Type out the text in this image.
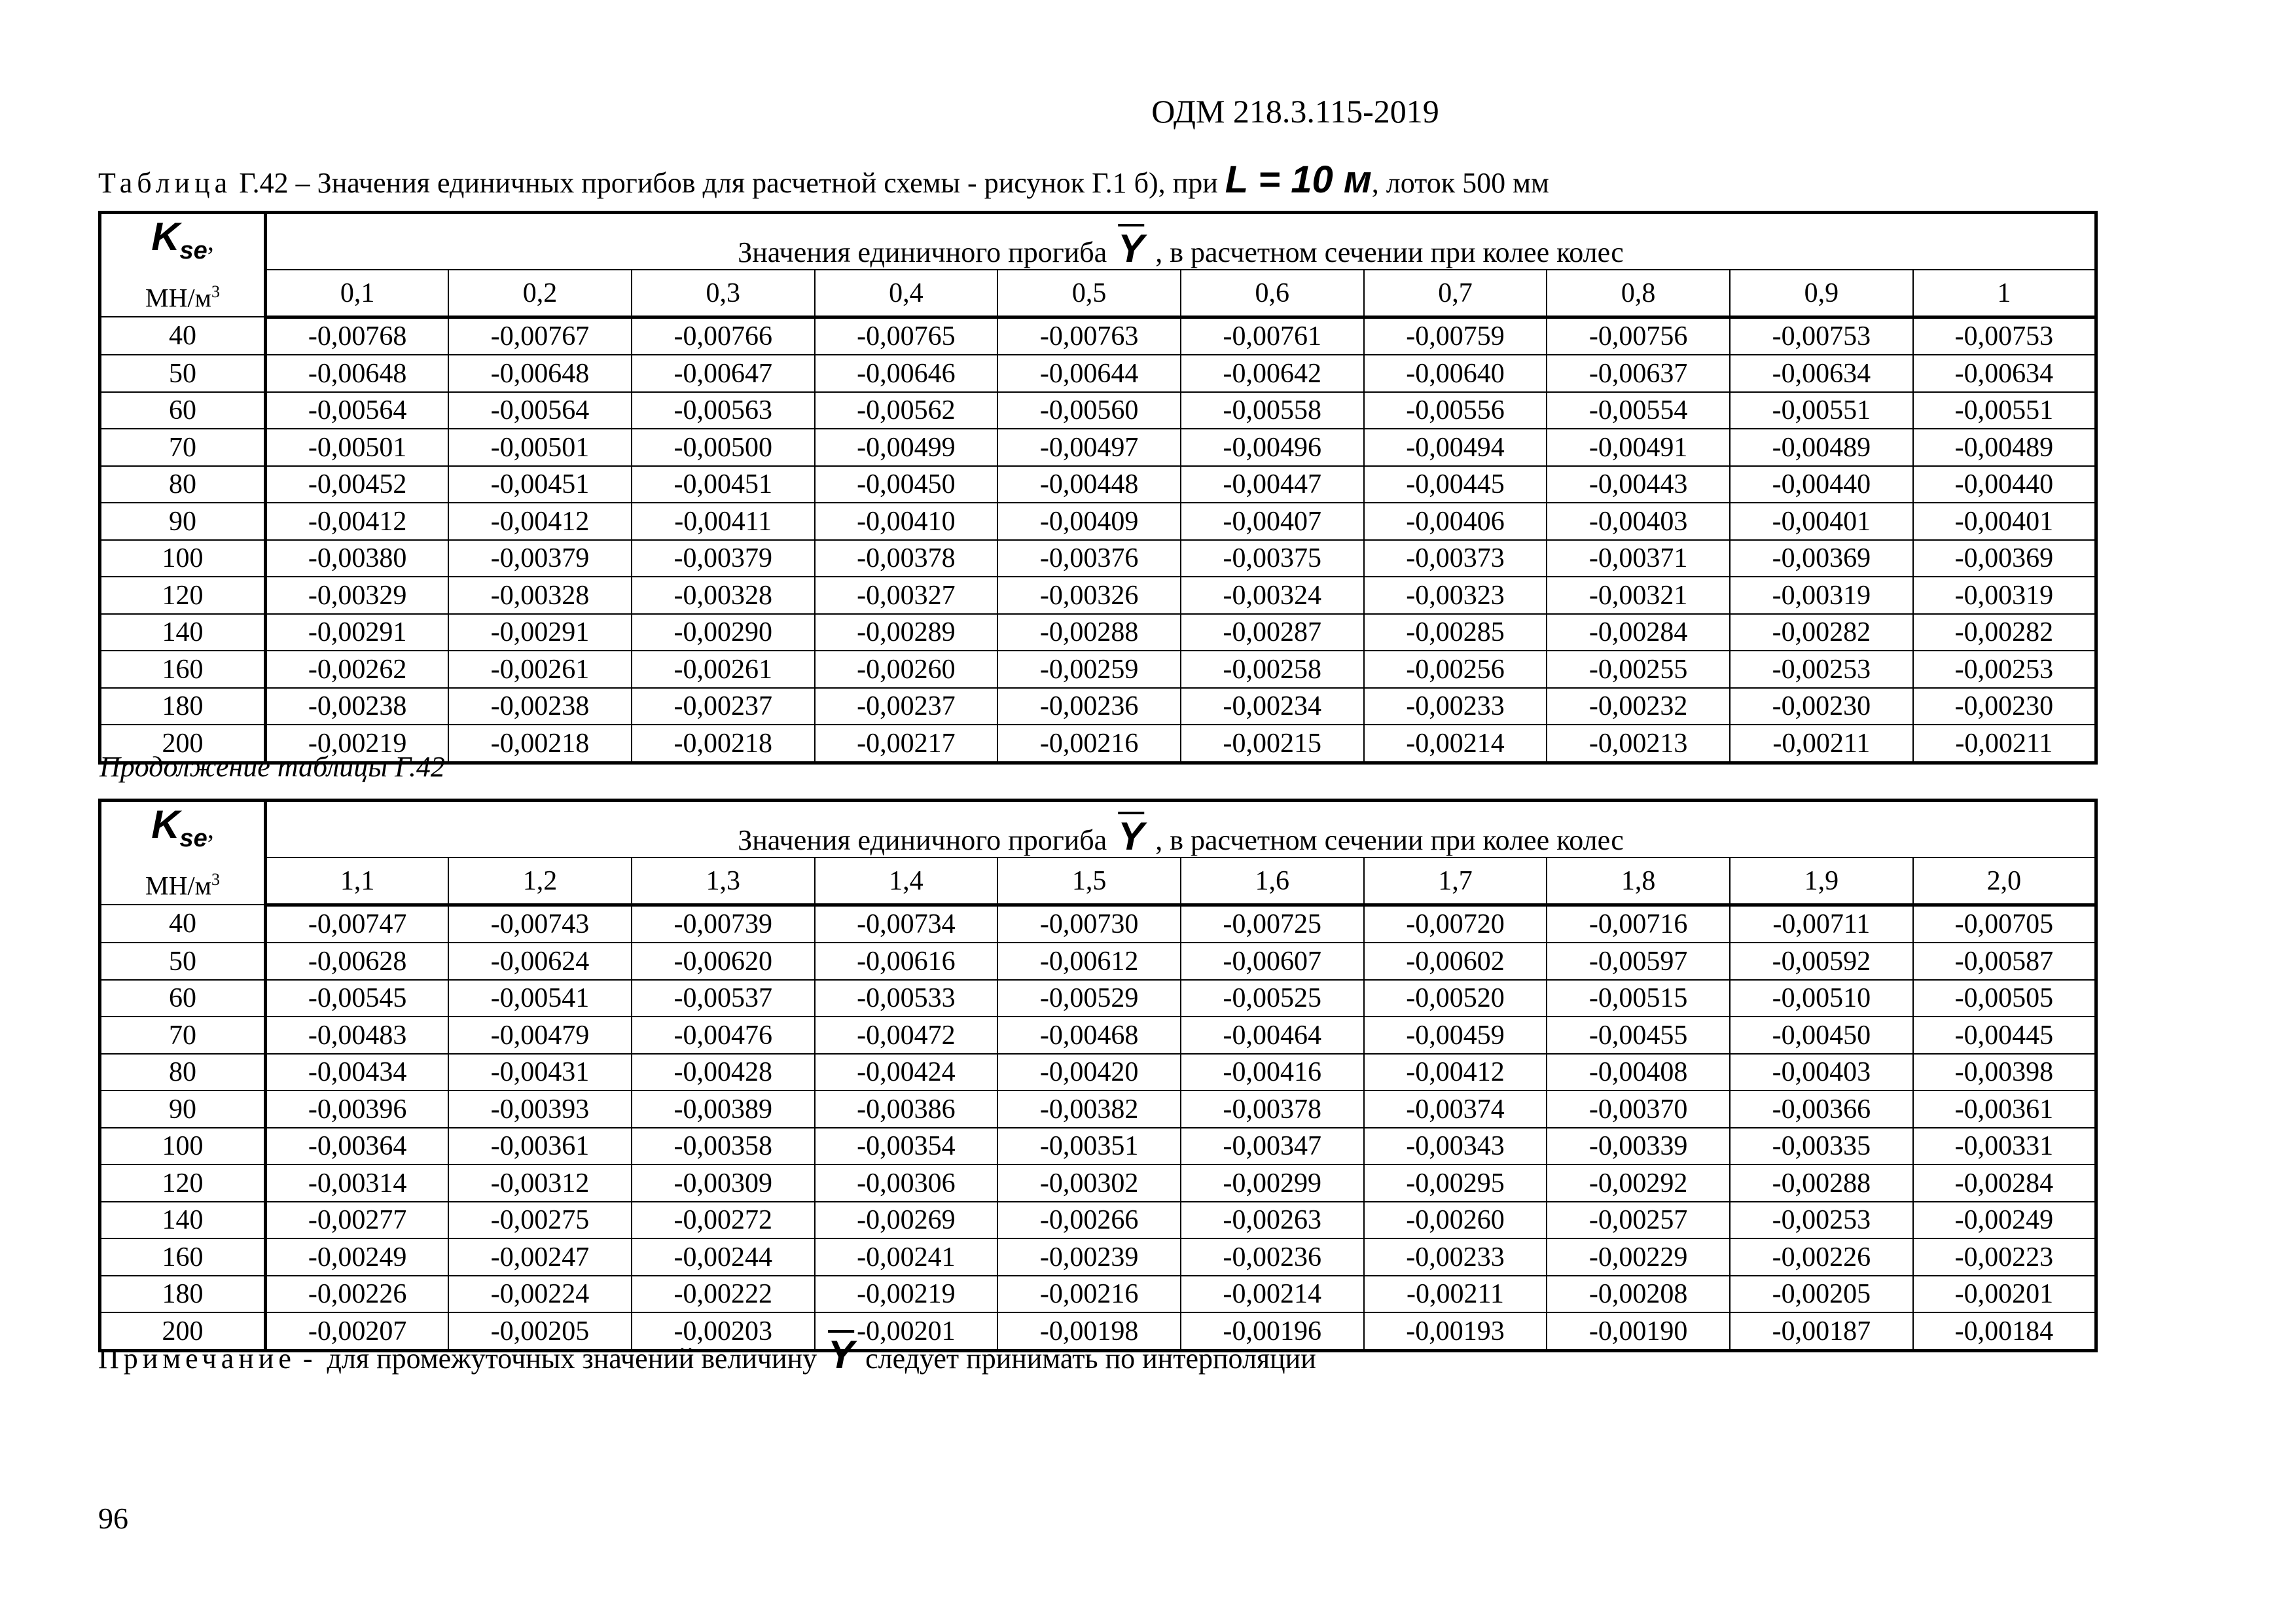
ОДМ 218.3.115-2019
Таблица Г.42 – Значения единичных прогибов для расчетной схемы - рисунок Г.1 б), при L = 10 м, лоток 500 мм
$K_{se}$,
$МН/м^3$	Значения единичного прогиба $\overline{Y}$ , в расчетном сечении при колее колес									
	0,1	0,2	0,3	0,4	0,5	0,6	0,7	0,8	0,9	1
40	-0,00768	-0,00767	-0,00766	-0,00765	-0,00763	-0,00761	-0,00759	-0,00756	-0,00753	-0,00753
50	-0,00648	-0,00648	-0,00647	-0,00646	-0,00644	-0,00642	-0,00640	-0,00637	-0,00634	-0,00634
60	-0,00564	-0,00564	-0,00563	-0,00562	-0,00560	-0,00558	-0,00556	-0,00554	-0,00551	-0,00551
70	-0,00501	-0,00501	-0,00500	-0,00499	-0,00497	-0,00496	-0,00494	-0,00491	-0,00489	-0,00489
80	-0,00452	-0,00451	-0,00451	-0,00450	-0,00448	-0,00447	-0,00445	-0,00443	-0,00440	-0,00440
90	-0,00412	-0,00412	-0,00411	-0,00410	-0,00409	-0,00407	-0,00406	-0,00403	-0,00401	-0,00401
100	-0,00380	-0,00379	-0,00379	-0,00378	-0,00376	-0,00375	-0,00373	-0,00371	-0,00369	-0,00369
120	-0,00329	-0,00328	-0,00328	-0,00327	-0,00326	-0,00324	-0,00323	-0,00321	-0,00319	-0,00319
140	-0,00291	-0,00291	-0,00290	-0,00289	-0,00288	-0,00287	-0,00285	-0,00284	-0,00282	-0,00282
160	-0,00262	-0,00261	-0,00261	-0,00260	-0,00259	-0,00258	-0,00256	-0,00255	-0,00253	-0,00253
180	-0,00238	-0,00238	-0,00237	-0,00237	-0,00236	-0,00234	-0,00233	-0,00232	-0,00230	-0,00230
200	-0,00219	-0,00218	-0,00218	-0,00217	-0,00216	-0,00215	-0,00214	-0,00213	-0,00211	-0,00211
Продолжение таблицы Г.42
$K_{se}$,
$МН/м^3$	Значения единичного прогиба $\overline{Y}$ , в расчетном сечении при колее колес									
	1,1	1,2	1,3	1,4	1,5	1,6	1,7	1,8	1,9	2,0
40	-0,00747	-0,00743	-0,00739	-0,00734	-0,00730	-0,00725	-0,00720	-0,00716	-0,00711	-0,00705
50	-0,00628	-0,00624	-0,00620	-0,00616	-0,00612	-0,00607	-0,00602	-0,00597	-0,00592	-0,00587
60	-0,00545	-0,00541	-0,00537	-0,00533	-0,00529	-0,00525	-0,00520	-0,00515	-0,00510	-0,00505
70	-0,00483	-0,00479	-0,00476	-0,00472	-0,00468	-0,00464	-0,00459	-0,00455	-0,00450	-0,00445
80	-0,00434	-0,00431	-0,00428	-0,00424	-0,00420	-0,00416	-0,00412	-0,00408	-0,00403	-0,00398
90	-0,00396	-0,00393	-0,00389	-0,00386	-0,00382	-0,00378	-0,00374	-0,00370	-0,00366	-0,00361
100	-0,00364	-0,00361	-0,00358	-0,00354	-0,00351	-0,00347	-0,00343	-0,00339	-0,00335	-0,00331
120	-0,00314	-0,00312	-0,00309	-0,00306	-0,00302	-0,00299	-0,00295	-0,00292	-0,00288	-0,00284
140	-0,00277	-0,00275	-0,00272	-0,00269	-0,00266	-0,00263	-0,00260	-0,00257	-0,00253	-0,00249
160	-0,00249	-0,00247	-0,00244	-0,00241	-0,00239	-0,00236	-0,00233	-0,00229	-0,00226	-0,00223
180	-0,00226	-0,00224	-0,00222	-0,00219	-0,00216	-0,00214	-0,00211	-0,00208	-0,00205	-0,00201
200	-0,00207	-0,00205	-0,00203	-0,00201	-0,00198	-0,00196	-0,00193	-0,00190	-0,00187	-0,00184
Примечание -  для промежуточных значений величину $\overline{Y}$ следует принимать по интерполяции
96
